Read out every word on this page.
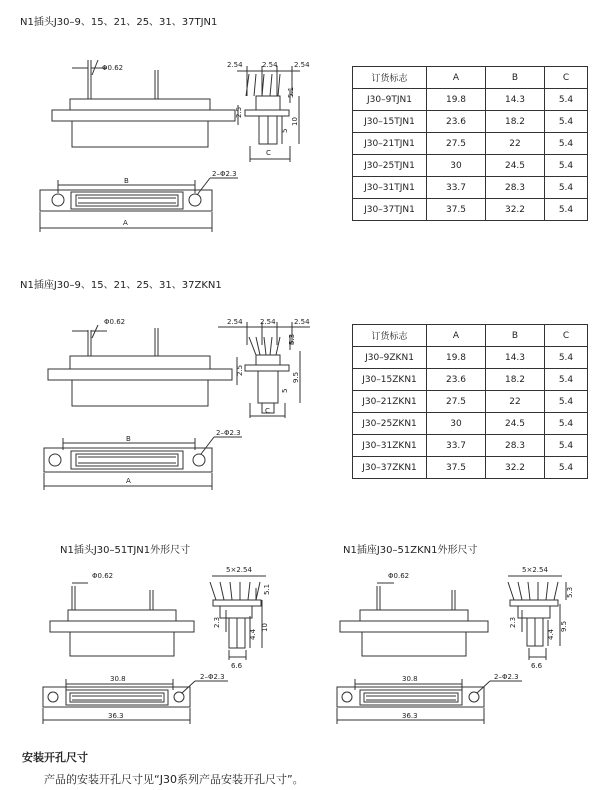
N1插头J30–9、15、21、25、31、37TJN1
Φ0.62	2.54	2.54 2.54
2.5
5
10
5.1
C
B
2–Φ2.3
A
订货标志	A	B	C
J30–9TJN1	19.8	14.3	5.4
J30–15TJN1	23.6	18.2	5.4
J30–21TJN1	27.5	22	5.4
J30–25TJN1	30	24.5	5.4
J30–31TJN1	33.7	28.3	5.4
J30–37TJN1	37.5	32.2	5.4
N1插座J30–9、15、21、25、31、37ZKN1
Φ0.62	2.54 2.54	2.54
2.5
5
9.5
5.3
C
B
2–Φ2.3
A
订货标志	A	B	C
J30–9ZKN1	19.8	14.3	5.4
J30–15ZKN1	23.6	18.2	5.4
J30–21ZKN1	27.5	22	5.4
J30–25ZKN1	30	24.5	5.4
J30–31ZKN1	33.7	28.3	5.4
J30–37ZKN1	37.5	32.2	5.4
N1插头J30–51TJN1外形尺寸	N1插座J30–51ZKN1外形尺寸
Φ0.62
5×2.54
2.3
4.4
10
5.1
6.6
30.8	2–Φ2.3
36.3
Φ0.62
5×2.54
2.3
4.4
9.5
5.3
6.6
30.8	2–Φ2.3
36.3
安装开孔尺寸
产品的安装开孔尺寸见“J30系列产品安装开孔尺寸”。
